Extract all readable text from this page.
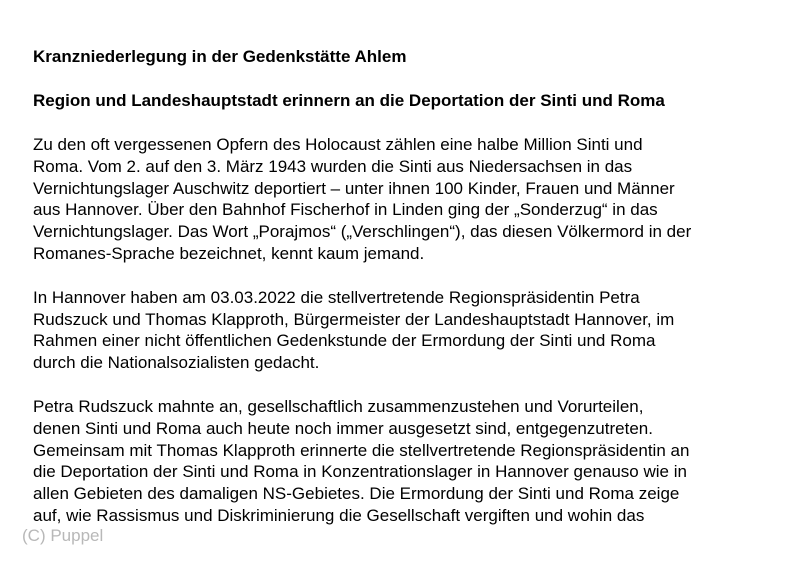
Kranzniederlegung in der Gedenkstätte Ahlem

Region und Landeshauptstadt erinnern an die Deportation der Sinti und Roma

Zu den oft vergessenen Opfern des Holocaust zählen eine halbe Million Sinti und
Roma. Vom 2. auf den 3. März 1943 wurden die Sinti aus Niedersachsen in das
Vernichtungslager Auschwitz deportiert – unter ihnen 100 Kinder, Frauen und Männer
aus Hannover. Über den Bahnhof Fischerhof in Linden ging der „Sonderzug“ in das
Vernichtungslager. Das Wort „Porajmos“ („Verschlingen“), das diesen Völkermord in der
Romanes-Sprache bezeichnet, kennt kaum jemand.

In Hannover haben am 03.03.2022 die stellvertretende Regionspräsidentin Petra
Rudszuck und Thomas Klapproth, Bürgermeister der Landeshauptstadt Hannover, im
Rahmen einer nicht öffentlichen Gedenkstunde der Ermordung der Sinti und Roma
durch die Nationalsozialisten gedacht.

Petra Rudszuck mahnte an, gesellschaftlich zusammenzustehen und Vorurteilen,
denen Sinti und Roma auch heute noch immer ausgesetzt sind, entgegenzutreten.
Gemeinsam mit Thomas Klapproth erinnerte die stellvertretende Regionspräsidentin an
die Deportation der Sinti und Roma in Konzentrationslager in Hannover genauso wie in
allen Gebieten des damaligen NS-Gebietes. Die Ermordung der Sinti und Roma zeige
auf, wie Rassismus und Diskriminierung die Gesellschaft vergiften und wohin das

(C) Puppel
